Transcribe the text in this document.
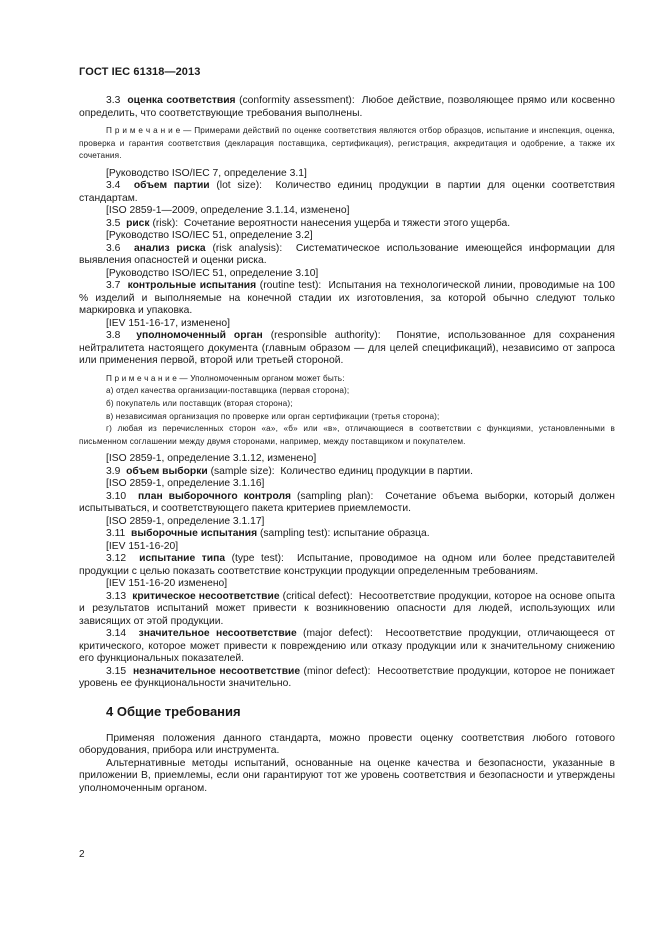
ГОСТ IEC 61318—2013

3.3 оценка соответствия (conformity assessment): Любое действие, позволяющее прямо или косвенно определить, что соответствующие требования выполнены.

П р и м е ч а н и е — Примерами действий по оценке соответствия являются отбор образцов, испытание и инспекция, оценка, проверка и гарантия соответствия (декларация поставщика, сертификация), регистрация, аккредитация и одобрение, а также их сочетания.

[Руководство ISO/IEC 7, определение 3.1]

3.4 объем партии (lot size): Количество единиц продукции в партии для оценки соответствия стандартам.

[ISO 2859-1—2009, определение 3.1.14, изменено]

3.5 риск (risk): Сочетание вероятности нанесения ущерба и тяжести этого ущерба.

[Руководство ISO/IEC 51, определение 3.2]

3.6 анализ риска (risk analysis): Систематическое использование имеющейся информации для выявления опасностей и оценки риска.

[Руководство ISO/IEC 51, определение 3.10]

3.7 контрольные испытания (routine test): Испытания на технологической линии, проводимые на 100 % изделий и выполняемые на конечной стадии их изготовления, за которой обычно следуют только маркировка и упаковка.

[IEV 151-16-17, изменено]

3.8 уполномоченный орган (responsible authority): Понятие, использованное для сохранения нейтралитета настоящего документа (главным образом — для целей спецификаций), независимо от запроса или применения первой, второй или третьей стороной.

П р и м е ч а н и е — Уполномоченным органом может быть:

а) отдел качества организации-поставщика (первая сторона);

б) покупатель или поставщик (вторая сторона);

в) независимая организация по проверке или орган сертификации (третья сторона);

г) любая из перечисленных сторон «а», «б» или «в», отличающиеся в соответствии с функциями, установленными в письменном соглашении между двумя сторонами, например, между поставщиком и покупателем.

[ISO 2859-1, определение 3.1.12, изменено]

3.9 объем выборки (sample size): Количество единиц продукции в партии.

[ISO 2859-1, определение 3.1.16]

3.10 план выборочного контроля (sampling plan): Сочетание объема выборки, который должен испытываться, и соответствующего пакета критериев приемлемости.

[ISO 2859-1, определение 3.1.17]

3.11 выборочные испытания (sampling test): испытание образца.

[IEV 151-16-20]

3.12 испытание типа (type test): Испытание, проводимое на одном или более представителей продукции с целью показать соответствие конструкции продукции определенным требованиям.

[IEV 151-16-20 изменено]

3.13 критическое несоответствие (critical defect): Несоответствие продукции, которое на основе опыта и результатов испытаний может привести к возникновению опасности для людей, использующих или зависящих от этой продукции.

3.14 значительное несоответствие (major defect): Несоответствие продукции, отличающееся от критического, которое может привести к повреждению или отказу продукции или к значительному снижению его функциональных показателей.

3.15 незначительное несоответствие (minor defect): Несоответствие продукции, которое не понижает уровень ее функциональности значительно.

4 Общие требования

Применяя положения данного стандарта, можно провести оценку соответствия любого готового оборудования, прибора или инструмента.

Альтернативные методы испытаний, основанные на оценке качества и безопасности, указанные в приложении В, приемлемы, если они гарантируют тот же уровень соответствия и безопасности и утверждены уполномоченным органом.

2
